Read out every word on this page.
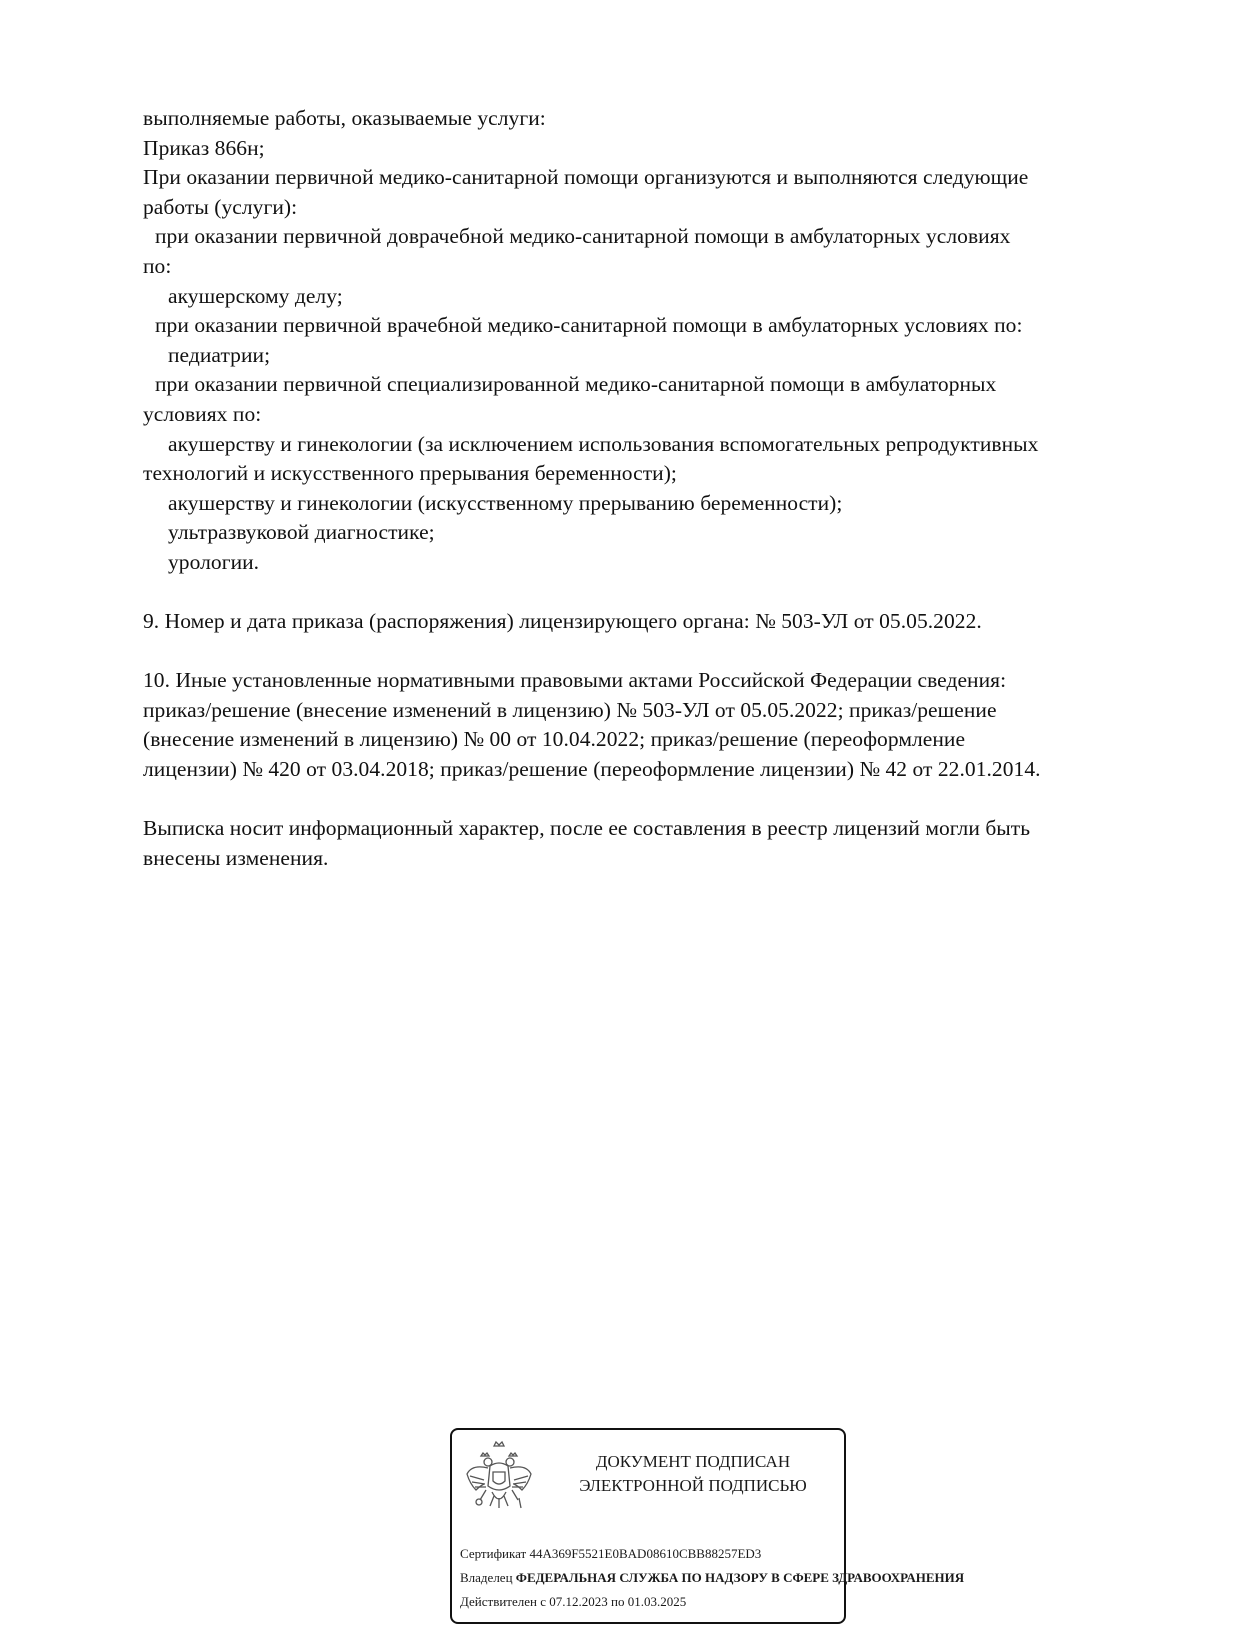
выполняемые работы, оказываемые услуги:
Приказ 866н;
При оказании первичной медико-санитарной помощи организуются и выполняются следующие
работы (услуги):
при оказании первичной доврачебной медико-санитарной помощи в амбулаторных условиях
по:
акушерскому делу;
при оказании первичной врачебной медико-санитарной помощи в амбулаторных условиях по:
педиатрии;
при оказании первичной специализированной медико-санитарной помощи в амбулаторных
условиях по:
акушерству и гинекологии (за исключением использования вспомогательных репродуктивных
технологий и искусственного прерывания беременности);
акушерству и гинекологии (искусственному прерыванию беременности);
ультразвуковой диагностике;
урологии.
9. Номер и дата приказа (распоряжения) лицензирующего органа: № 503-УЛ от 05.05.2022.
10. Иные установленные нормативными правовыми актами Российской Федерации сведения:
приказ/решение (внесение изменений в лицензию) № 503-УЛ от 05.05.2022; приказ/решение
(внесение изменений в лицензию) № 00 от 10.04.2022; приказ/решение (переоформление
лицензии) № 420 от 03.04.2018; приказ/решение (переоформление лицензии) № 42 от 22.01.2014.
Выписка носит информационный характер, после ее составления в реестр лицензий могли быть
внесены изменения.
ДОКУМЕНТ ПОДПИСАН
ЭЛЕКТРОННОЙ ПОДПИСЬЮ
Сертификат 44A369F5521E0BAD08610CBB88257ED3
Владелец ФЕДЕРАЛЬНАЯ СЛУЖБА ПО НАДЗОРУ В СФЕРЕ ЗДРАВООХРАНЕНИЯ
Действителен с 07.12.2023 по 01.03.2025
